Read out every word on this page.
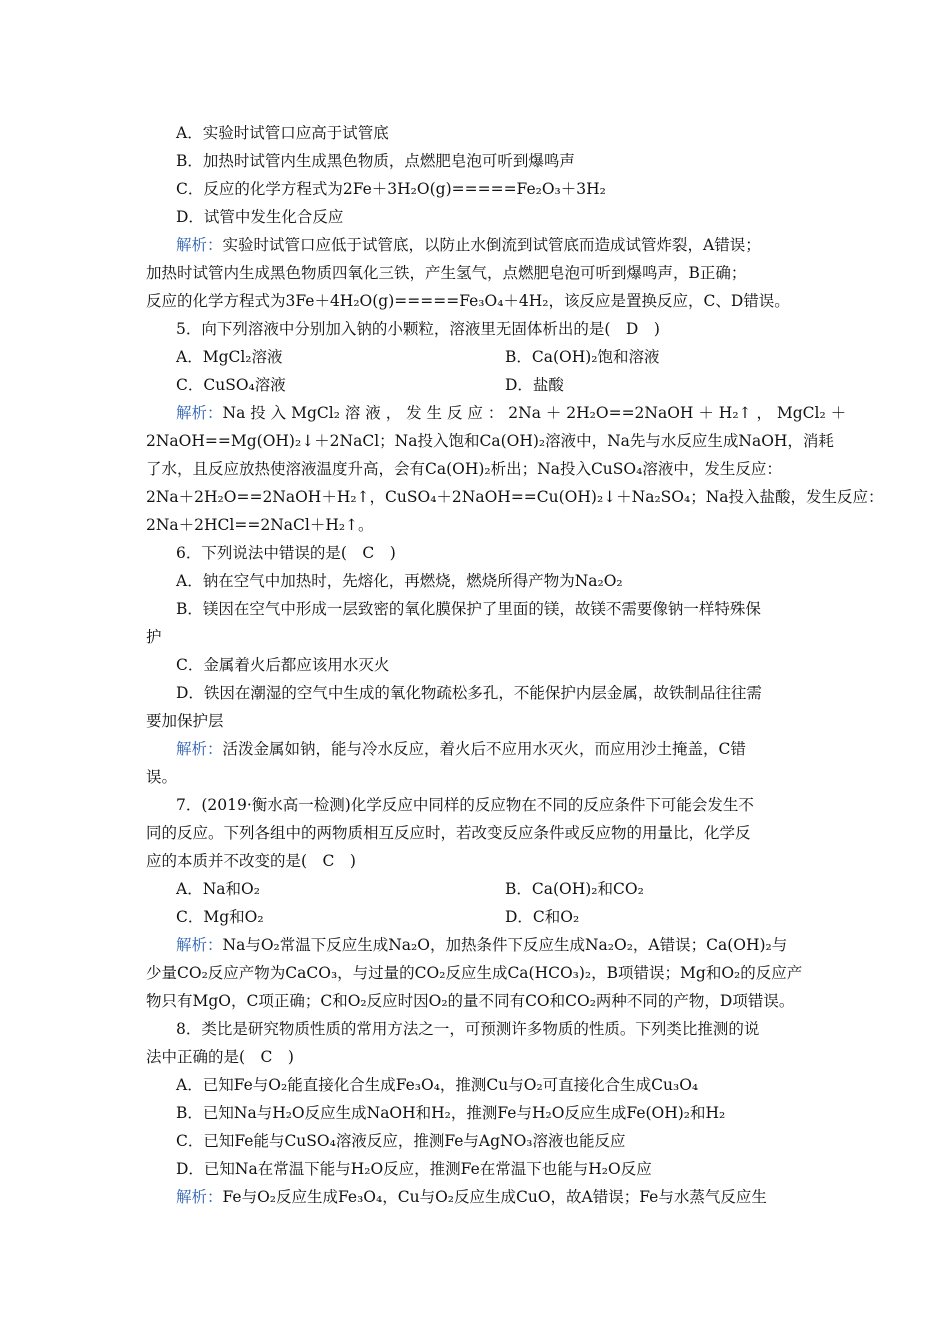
A．实验时试管口应高于试管底
B．加热时试管内生成黑色物质，点燃肥皂泡可听到爆鸣声
C．反应的化学方程式为2Fe＋3H₂O(g)=====Fe₂O₃＋3H₂
D．试管中发生化合反应
解析：实验时试管口应低于试管底，以防止水倒流到试管底而造成试管炸裂，A错误；
加热时试管内生成黑色物质四氧化三铁，产生氢气，点燃肥皂泡可听到爆鸣声，B正确；
反应的化学方程式为3Fe＋4H₂O(g)=====Fe₃O₄＋4H₂，该反应是置换反应，C、D错误。
5．向下列溶液中分别加入钠的小颗粒，溶液里无固体析出的是(　D　)
A．MgCl₂溶液	B．Ca(OH)₂饱和溶液
C．CuSO₄溶液	D．盐酸
解析：Na 投 入 MgCl₂ 溶 液 ， 发 生 反 应 ： 2Na ＋ 2H₂O==2NaOH ＋ H₂↑ ， MgCl₂ ＋
2NaOH==Mg(OH)₂↓＋2NaCl；Na投入饱和Ca(OH)₂溶液中，Na先与水反应生成NaOH，消耗
了水，且反应放热使溶液温度升高，会有Ca(OH)₂析出；Na投入CuSO₄溶液中，发生反应：
2Na＋2H₂O==2NaOH＋H₂↑，CuSO₄＋2NaOH==Cu(OH)₂↓＋Na₂SO₄；Na投入盐酸，发生反应：
2Na＋2HCl==2NaCl＋H₂↑。
6．下列说法中错误的是(　C　)
A．钠在空气中加热时，先熔化，再燃烧，燃烧所得产物为Na₂O₂
B．镁因在空气中形成一层致密的氧化膜保护了里面的镁，故镁不需要像钠一样特殊保
护
C．金属着火后都应该用水灭火
D．铁因在潮湿的空气中生成的氧化物疏松多孔，不能保护内层金属，故铁制品往往需
要加保护层
解析：活泼金属如钠，能与冷水反应，着火后不应用水灭火，而应用沙土掩盖，C错
误。
7．(2019·衡水高一检测)化学反应中同样的反应物在不同的反应条件下可能会发生不
同的反应。下列各组中的两物质相互反应时，若改变反应条件或反应物的用量比，化学反
应的本质并不改变的是(　C　)
A．Na和O₂	B．Ca(OH)₂和CO₂
C．Mg和O₂	D．C和O₂
解析：Na与O₂常温下反应生成Na₂O，加热条件下反应生成Na₂O₂，A错误；Ca(OH)₂与
少量CO₂反应产物为CaCO₃，与过量的CO₂反应生成Ca(HCO₃)₂，B项错误；Mg和O₂的反应产
物只有MgO，C项正确；C和O₂反应时因O₂的量不同有CO和CO₂两种不同的产物，D项错误。
8．类比是研究物质性质的常用方法之一，可预测许多物质的性质。下列类比推测的说
法中正确的是(　C　)
A．已知Fe与O₂能直接化合生成Fe₃O₄，推测Cu与O₂可直接化合生成Cu₃O₄
B．已知Na与H₂O反应生成NaOH和H₂，推测Fe与H₂O反应生成Fe(OH)₂和H₂
C．已知Fe能与CuSO₄溶液反应，推测Fe与AgNO₃溶液也能反应
D．已知Na在常温下能与H₂O反应，推测Fe在常温下也能与H₂O反应
解析：Fe与O₂反应生成Fe₃O₄，Cu与O₂反应生成CuO，故A错误；Fe与水蒸气反应生
